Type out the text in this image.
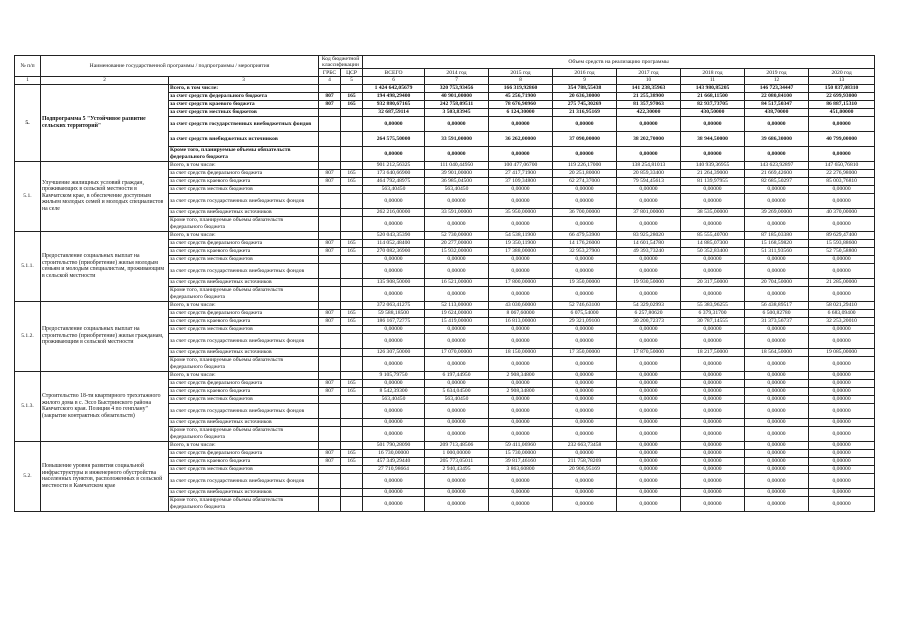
№ п/п	Наименование государственной программы / подпрограммы / мероприятия		Код бюджетной классификации		Объем средств на реализацию программы							
			ГРБС	ЦСР	ВСЕГО	2014 год	2015 год	2016 год	2017 год	2018 год	2019 год	2020 год
1	2	3	4	5	6	7	8	9	10	11	12	13
5.	Подпрограмма 5 "Устойчивое развитие сельских территорий"	Всего, в том числе:			1 424 642,05679	320 753,93456	166 319,92860	354 788,55438	141 238,35963	143 980,85205	146 723,34447	150 837,08310
		за счет средств федерального бюджета	807	165	194 498,29400	40 901,00000	45 256,71900	20 636,30000	21 255,38900	21 668,11500	22 080,84100	22 699,93000
		за счет средств краевого бюджета	807	165	932 880,67165	242 758,09511	78 676,90960	275 745,30269	81 357,97063	82 937,73705	84 517,50347	86 887,15310
		за счет средств местных бюджетов			32 687,59114	3 503,83945	6 124,30000	21 316,95169	422,30000	430,50000	438,70000	451,00000
		за счет средств государственных внебюджетных фондов			0,00000	0,00000	0,00000	0,00000	0,00000	0,00000	0,00000	0,00000
		за счет средств внебюджетных источников			264 575,50000	33 591,00000	36 262,00000	37 090,00000	38 202,70000	38 944,50000	39 686,30000	40 799,00000
		Кроме того, планируемые объемы обязательств федерального бюджета			0,00000	0,00000	0,00000	0,00000	0,00000	0,00000	0,00000	0,00000
5.1.	Улучшение жилищных условий граждан, проживающих в сельской местности в Камчатском крае, в обеспечение доступным жильем молодых семей и молодых специалистов на селе	Всего, в том числе:			901 212,56325	111 040,44950	100 477,06700	119 226,17000	138 254,81013	140 939,36955	143 623,92897	147 650,76810
		за счет средств федерального бюджета	807	165	173 640,66900	39 901,00000	27 417,71900	20 251,80000	20 859,33400	21 264,39000	21 669,42600	22 276,98000
		за счет средств краевого бюджета	807	165	464 792,48975	36 985,04500	37 109,34800	62 274,37000	79 594,45613	81 139,97955	82 685,50297	85 003,76810
		за счет средств местных бюджетов			563,40450	563,40450	0,00000	0,00000	0,00000	0,00000	0,00000	0,00000
		за счет средств государственных внебюджетных фондов			0,00000	0,00000	0,00000	0,00000	0,00000	0,00000	0,00000	0,00000
		за счет средств внебюджетных источников			262 216,00000	33 591,00000	35 950,00000	36 700,00000	37 801,00000	38 535,00000	39 269,00000	40 370,00000
		Кроме того, планируемые объемы обязательств федерального бюджета			0,00000	0,00000	0,00000	0,00000	0,00000	0,00000	0,00000	0,00000
5.1.1.	Предоставление социальных выплат на строительство (приобретение) жилья молодым семьям и молодым специалистам, проживающим в сельской местности	Всего, в том числе:			520 043,35390	52 730,00000	54 538,11900	66 479,53900	83 925,28020	85 555,40700	87 185,03380	89 629,47400
		за счет средств федерального бюджета	807	165	114 052,48400	20 277,00000	19 350,11900	14 176,26000	14 601,54780	14 885,07300	15 168,59820	15 593,88600
		за счет средств краевого бюджета	807	165	270 082,36900	15 932,00000	17 388,00000	32 953,27900	49 393,73240	50 352,83400	51 311,93560	52 750,58800
		за счет средств местных бюджетов			0,00000	0,00000	0,00000	0,00000	0,00000	0,00000	0,00000	0,00000
		за счет средств государственных внебюджетных фондов			0,00000	0,00000	0,00000	0,00000	0,00000	0,00000	0,00000	0,00000
		за счет средств внебюджетных источников			135 908,50000	16 521,00000	17 800,00000	19 350,00000	19 930,50000	20 317,50000	20 704,50000	21 285,00000
		Кроме того, планируемые объемы обязательств федерального бюджета			0,00000	0,00000	0,00000	0,00000	0,00000	0,00000	0,00000	0,00000
5.1.2.	Предоставление социальных выплат на строительство (приобретение) жилья гражданам, проживающим в сельской местности	Всего, в том числе:			372 063,41275	52 113,00000	43 030,60000	52 746,63100	54 329,02993	55 383,96255	56 438,89517	58 021,29410
		за счет средств федерального бюджета	807	165	59 588,18500	19 624,00000	8 067,60000	6 075,54000	6 257,80620	6 379,31700	6 500,82780	6 683,09400
		за счет средств краевого бюджета	807	165	186 167,72775	15 419,00000	16 813,00000	29 321,09100	30 200,72373	30 787,14555	31 373,56737	32 253,20010
		за счет средств местных бюджетов			0,00000	0,00000	0,00000	0,00000	0,00000	0,00000	0,00000	0,00000
		за счет средств государственных внебюджетных фондов			0,00000	0,00000	0,00000	0,00000	0,00000	0,00000	0,00000	0,00000
		за счет средств внебюджетных источников			126 307,50000	17 070,00000	18 150,00000	17 350,00000	17 870,50000	18 217,50000	18 564,50000	19 085,00000
		Кроме того, планируемые объемы обязательств федерального бюджета			0,00000	0,00000	0,00000	0,00000	0,00000	0,00000	0,00000	0,00000
5.1.3.	Строительство 18-ти квартирного трехэтажного жилого дома в с. Эссо Быстринского района Камчатского края. Позиция 4 по генплану" (закрытие контрактных обязательств)	Всего, в том числе:			9 105,79750	6 197,44950	2 908,34800	0,00000	0,00000	0,00000	0,00000	0,00000
		за счет средств федерального бюджета	807	165	0,00000	0,00000	0,00000	0,00000	0,00000	0,00000	0,00000	0,00000
		за счет средств краевого бюджета	807	165	8 542,39300	5 634,04500	2 908,34800	0,00000	0,00000	0,00000	0,00000	0,00000
		за счет средств местных бюджетов			563,40450	563,40450	0,00000	0,00000	0,00000	0,00000	0,00000	0,00000
		за счет средств государственных внебюджетных фондов			0,00000	0,00000	0,00000	0,00000	0,00000	0,00000	0,00000	0,00000
		за счет средств внебюджетных источников			0,00000	0,00000	0,00000	0,00000	0,00000	0,00000	0,00000	0,00000
		Кроме того, планируемые объемы обязательств федерального бюджета			0,00000	0,00000	0,00000	0,00000	0,00000	0,00000	0,00000	0,00000
5.2.	Повышение уровня развития социальной инфраструктуры и инженерного обустройства населенных пунктов, расположенных в сельской местности в Камчатском крае	Всего, в том числе:			501 790,28090	209 713,48506	59 411,06960	232 663,73458	0,00000	0,00000	0,00000	0,00000
		за счет средств федерального бюджета	807	165	16 730,00000	1 000,00000	15 730,00000	0,00000	0,00000	0,00000	0,00000	0,00000
		за счет средств краевого бюджета	807	165	457 349,29440	205 773,05011	39 817,46160	211 758,78269	0,00000	0,00000	0,00000	0,00000
		за счет средств местных бюджетов			27 710,98664	2 940,43495	3 863,60800	20 906,95169	0,00000	0,00000	0,00000	0,00000
		за счет средств государственных внебюджетных фондов			0,00000	0,00000	0,00000	0,00000	0,00000	0,00000	0,00000	0,00000
		за счет средств внебюджетных источников			0,00000	0,00000	0,00000	0,00000	0,00000	0,00000	0,00000	0,00000
		Кроме того, планируемые объемы обязательств федерального бюджета			0,00000	0,00000	0,00000	0,00000	0,00000	0,00000	0,00000	0,00000
